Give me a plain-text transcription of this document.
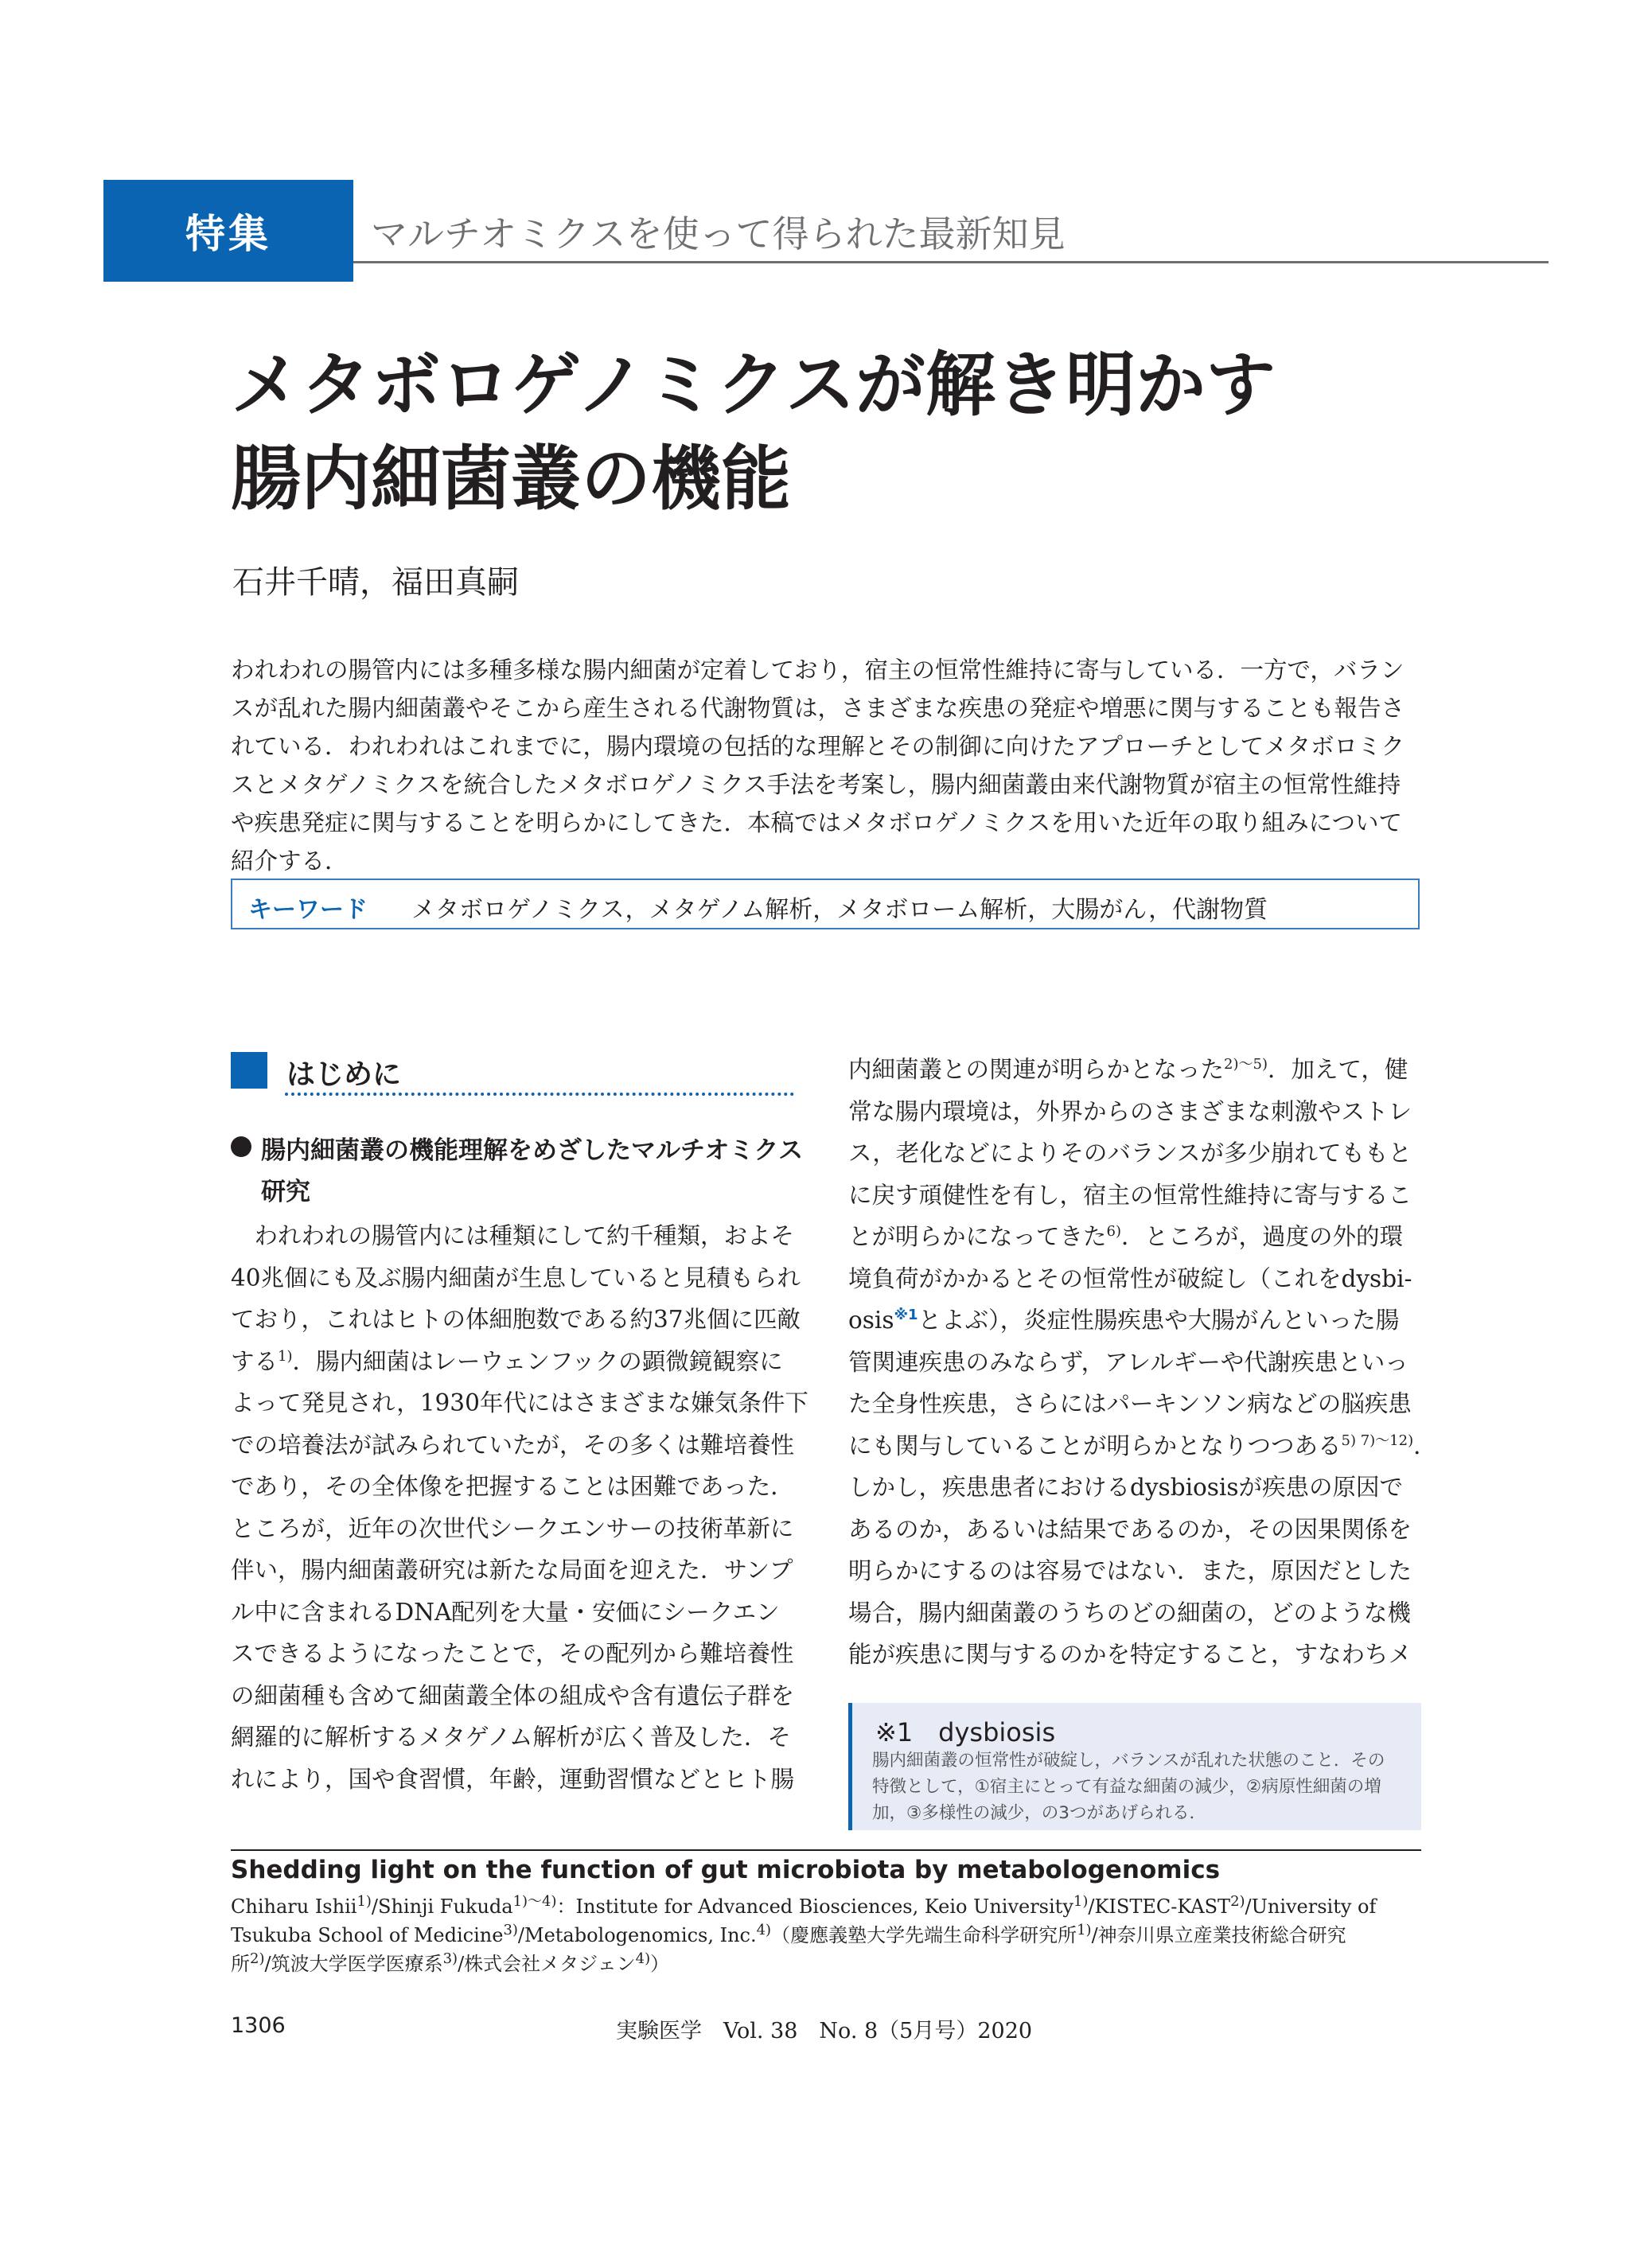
特集	マルチオミクスを使って得られた最新知見
メタボロゲノミクスが解き明かす
腸内細菌叢の機能
石井千晴，福田真嗣

われわれの腸管内には多種多様な腸内細菌が定着しており，宿主の恒常性維持に寄与している．一方で，バラン

スが乱れた腸内細菌叢やそこから産生される代謝物質は，さまざまな疾患の発症や増悪に関与することも報告さ

れている．われわれはこれまでに，腸内環境の包括的な理解とその制御に向けたアプローチとしてメタボロミク

スとメタゲノミクスを統合したメタボロゲノミクス手法を考案し，腸内細菌叢由来代謝物質が宿主の恒常性維持

や疾患発症に関与することを明らかにしてきた．本稿ではメタボロゲノミクスを用いた近年の取り組みについて

紹介する．

キーワード メタボロゲノミクス，メタゲノム解析，メタボローム解析，大腸がん，代謝物質
はじめに
腸内細菌叢の機能理解をめざしたマルチオミクス
研究

　われわれの腸管内には種類にして約千種類，およそ

40兆個にも及ぶ腸内細菌が生息していると見積もられ

ており，これはヒトの体細胞数である約37兆個に匹敵

する$^{1)}$．腸内細菌はレーウェンフックの顕微鏡観察に

よって発見され，1930年代にはさまざまな嫌気条件下

での培養法が試みられていたが，その多くは難培養性

であり，その全体像を把握することは困難であった．

ところが，近年の次世代シークエンサーの技術革新に

伴い，腸内細菌叢研究は新たな局面を迎えた．サンプ

ル中に含まれるDNA配列を大量・安価にシークエン

スできるようになったことで，その配列から難培養性

の細菌種も含めて細菌叢全体の組成や含有遺伝子群を

網羅的に解析するメタゲノム解析が広く普及した．そ

れにより，国や食習慣，年齢，運動習慣などとヒト腸

内細菌叢との関連が明らかとなった$^{2)\sim 5)}$．加えて，健

常な腸内環境は，外界からのさまざまな刺激やストレ

ス，老化などによりそのバランスが多少崩れてももと

に戻す頑健性を有し，宿主の恒常性維持に寄与するこ

とが明らかになってきた$^{6)}$．ところが，過度の外的環

境負荷がかかるとその恒常性が破綻し（これをdysbi-

osis$^{※1}$とよぶ），炎症性腸疾患や大腸がんといった腸

管関連疾患のみならず，アレルギーや代謝疾患といっ

た全身性疾患，さらにはパーキンソン病などの脳疾患

にも関与していることが明らかとなりつつある$^{5) 7)\sim 12)}$．

しかし，疾患患者におけるdysbiosisが疾患の原因で

あるのか，あるいは結果であるのか，その因果関係を

明らかにするのは容易ではない．また，原因だとした

場合，腸内細菌叢のうちのどの細菌の，どのような機

能が疾患に関与するのかを特定すること，すなわちメ

※1　dysbiosis

腸内細菌叢の恒常性が破綻し，バランスが乱れた状態のこと．その

特徴として，①宿主にとって有益な細菌の減少，②病原性細菌の増

加，③多様性の減少，の3つがあげられる．

Shedding light on the function of gut microbiota by metabologenomics

Chiharu Ishii$^{1)}$/Shinji Fukuda$^{1)\sim 4)}$：Institute for Advanced Biosciences, Keio University$^{1)}$/KISTEC-KAST$^{2)}$/University of

Tsukuba School of Medicine$^{3)}$/Metabologenomics, Inc.$^{4)}$（慶應義塾大学先端生命科学研究所$^{1)}$/神奈川県立産業技術総合研究

所$^{2)}$/筑波大学医学医療系$^{3)}$/株式会社メタジェン$^{4)}$）

1306	実験医学　Vol. 38　No. 8（5月号）2020
